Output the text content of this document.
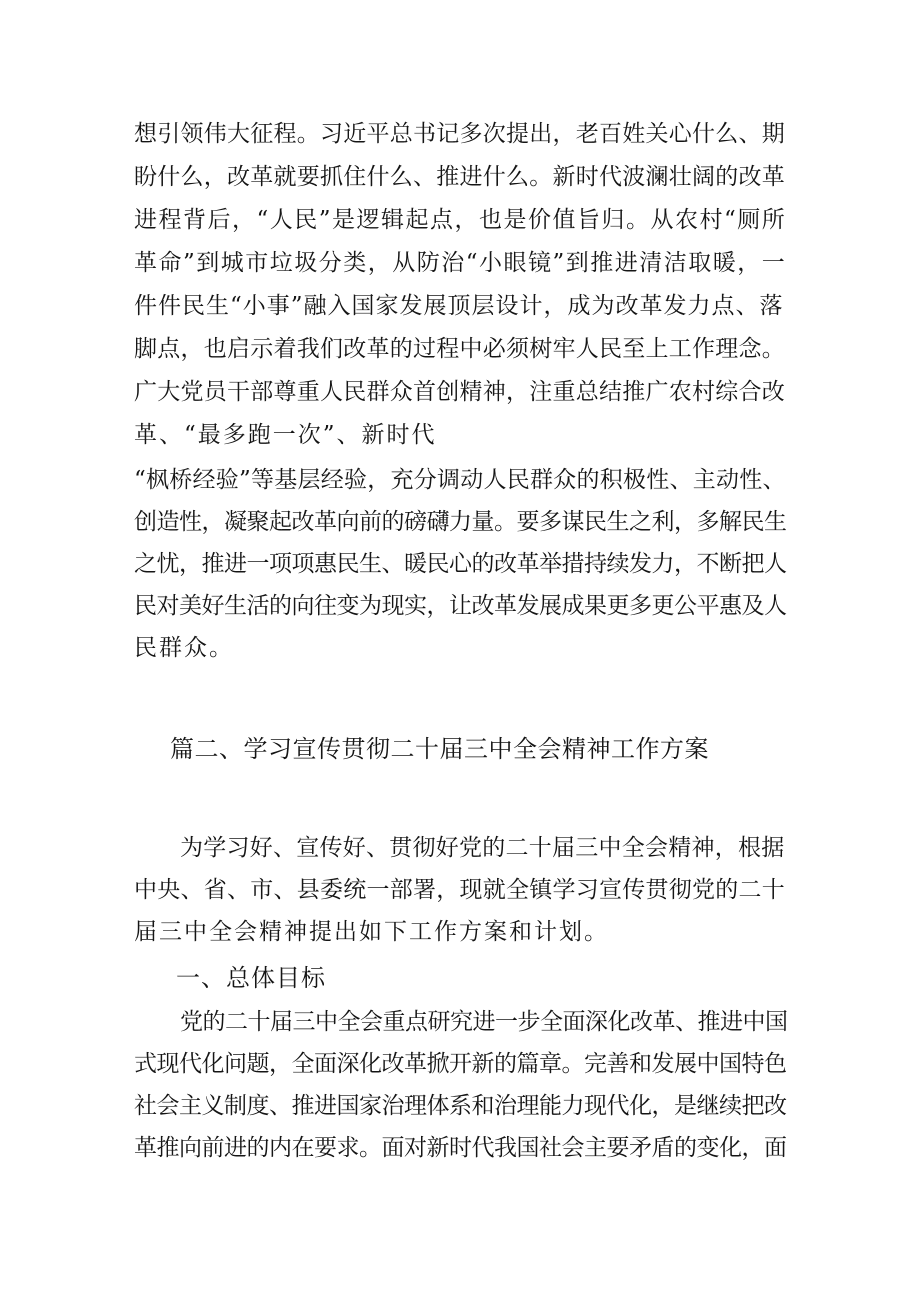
想引领伟大征程。习近平总书记多次提出，老百姓关心什么、期
盼什么，改革就要抓住什么、推进什么。新时代波澜壮阔的改革
进程背后，“人民”是逻辑起点，也是价值旨归。从农村“厕所
革命”到城市垃圾分类，从防治“小眼镜”到推进清洁取暖，一
件件民生“小事”融入国家发展顶层设计，成为改革发力点、落
脚点，也启示着我们改革的过程中必须树牢人民至上工作理念。
广大党员干部尊重人民群众首创精神，注重总结推广农村综合改
革、“最多跑一次”、新时代
“枫桥经验”等基层经验，充分调动人民群众的积极性、主动性、
创造性，凝聚起改革向前的磅礴力量。要多谋民生之利，多解民生
之忧，推进一项项惠民生、暖民心的改革举措持续发力，不断把人
民对美好生活的向往变为现实，让改革发展成果更多更公平惠及人
民群众。
篇二、学习宣传贯彻二十届三中全会精神工作方案
为学习好、宣传好、贯彻好党的二十届三中全会精神，根据
中央、省、市、县委统一部署，现就全镇学习宣传贯彻党的二十
届三中全会精神提出如下工作方案和计划。
一、总体目标
党的二十届三中全会重点研究进一步全面深化改革、推进中国
式现代化问题，全面深化改革掀开新的篇章。完善和发展中国特色
社会主义制度、推进国家治理体系和治理能力现代化，是继续把改
革推向前进的内在要求。面对新时代我国社会主要矛盾的变化，面
